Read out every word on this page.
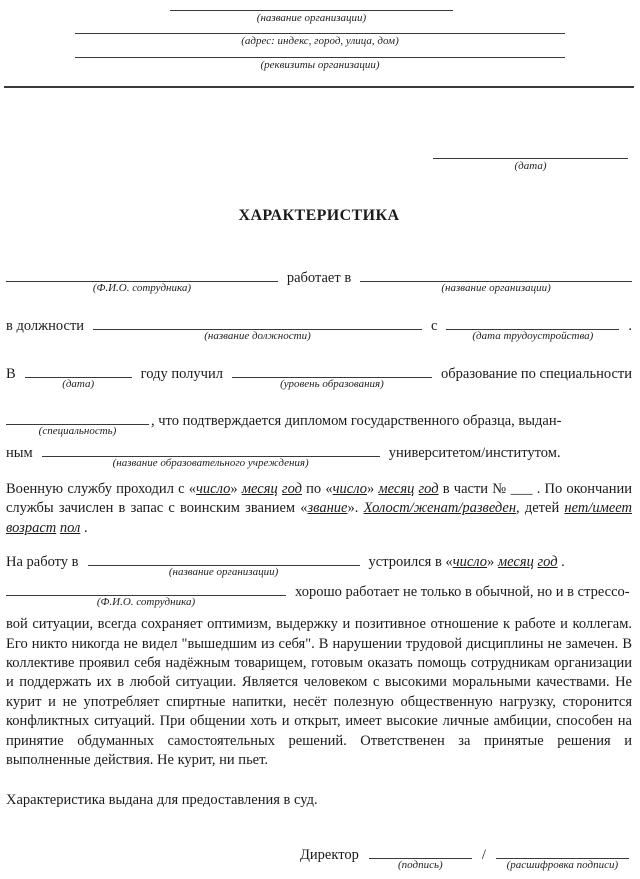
(название организации)
(адрес: индекс, город, улица, дом)
(реквизиты организации)
(дата)
ХАРАКТЕРИСТИКА
(Ф.И.О. сотрудника)
работает в
(название организации)
в должности
(название должности)
с
(дата трудоустройства)
.
В
(дата)
году получил
(уровень образования)
образование по специальности
(специальность)
, что подтверждается дипломом государственного образца, выдан-
ным
(название образовательного учреждения)
университетом/институтом.

Военную службу проходил с «число» месяц год по «число» месяц год в части № ___ . По окончании службы зачислен в запас с воинским званием «звание». Холост/женат/разведен, детей нет/имеет возраст пол .

На работу в
(название организации)
устроился в «число» месяц год .
(Ф.И.О. сотрудника)
хорошо работает не только в обычной, но и в стрессо-

вой ситуации, всегда сохраняет оптимизм, выдержку и позитивное отношение к работе и коллегам. Его никто никогда не видел "вышедшим из себя". В нарушении трудовой дисциплины не замечен. В коллективе проявил себя надёжным товарищем, готовым оказать помощь сотрудникам организации и поддержать их в любой ситуации. Является человеком с высокими моральными качествами. Не курит и не употребляет спиртные напитки, несёт полезную общественную нагрузку, сторонится конфликтных ситуаций. При общении хоть и открыт, имеет высокие личные амбиции, способен на принятие обдуманных самостоятельных решений. Ответственен за принятые решения и выполненные действия. Не курит, ни пьет.

Характеристика выдана для предоставления в суд.
Директор
(подпись)
/
(расшифровка подписи)
